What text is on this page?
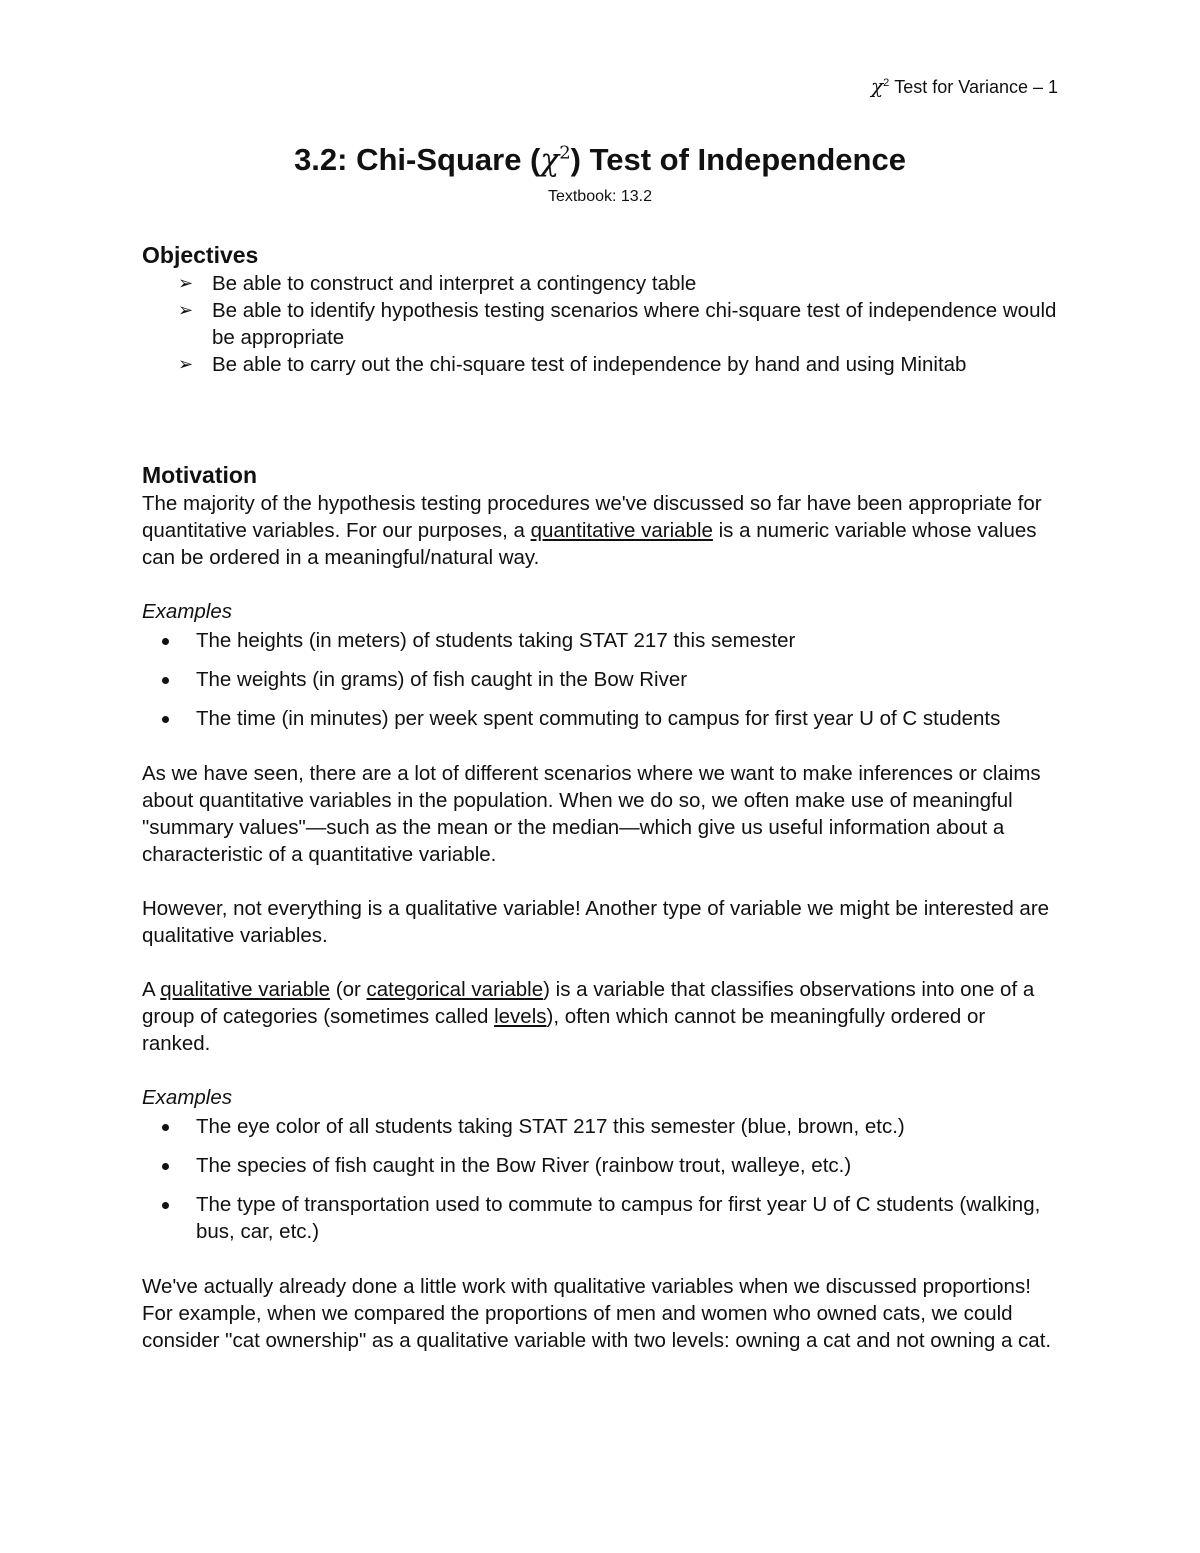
$\chi^2$ Test for Variance – 1
3.2: Chi-Square $(\chi^2)$ Test of Independence
Textbook: 13.2
Objectives
➢ Be able to construct and interpret a contingency table
➢ Be able to identify hypothesis testing scenarios where chi-square test of independence would be appropriate
➢ Be able to carry out the chi-square test of independence by hand and using Minitab
Motivation

The majority of the hypothesis testing procedures we've discussed so far have been appropriate for quantitative variables. For our purposes, a quantitative variable is a numeric variable whose values can be ordered in a meaningful/natural way.

Examples

The heights (in meters) of students taking STAT 217 this semester
The weights (in grams) of fish caught in the Bow River
The time (in minutes) per week spent commuting to campus for first year U of C students

As we have seen, there are a lot of different scenarios where we want to make inferences or claims about quantitative variables in the population. When we do so, we often make use of meaningful "summary values"—such as the mean or the median—which give us useful information about a characteristic of a quantitative variable.

However, not everything is a qualitative variable! Another type of variable we might be interested are qualitative variables.

A qualitative variable (or categorical variable) is a variable that classifies observations into one of a group of categories (sometimes called levels), often which cannot be meaningfully ordered or ranked.

Examples

The eye color of all students taking STAT 217 this semester (blue, brown, etc.)
The species of fish caught in the Bow River (rainbow trout, walleye, etc.)
The type of transportation used to commute to campus for first year U of C students (walking, bus, car, etc.)

We've actually already done a little work with qualitative variables when we discussed proportions! For example, when we compared the proportions of men and women who owned cats, we could consider "cat ownership" as a qualitative variable with two levels: owning a cat and not owning a cat.
